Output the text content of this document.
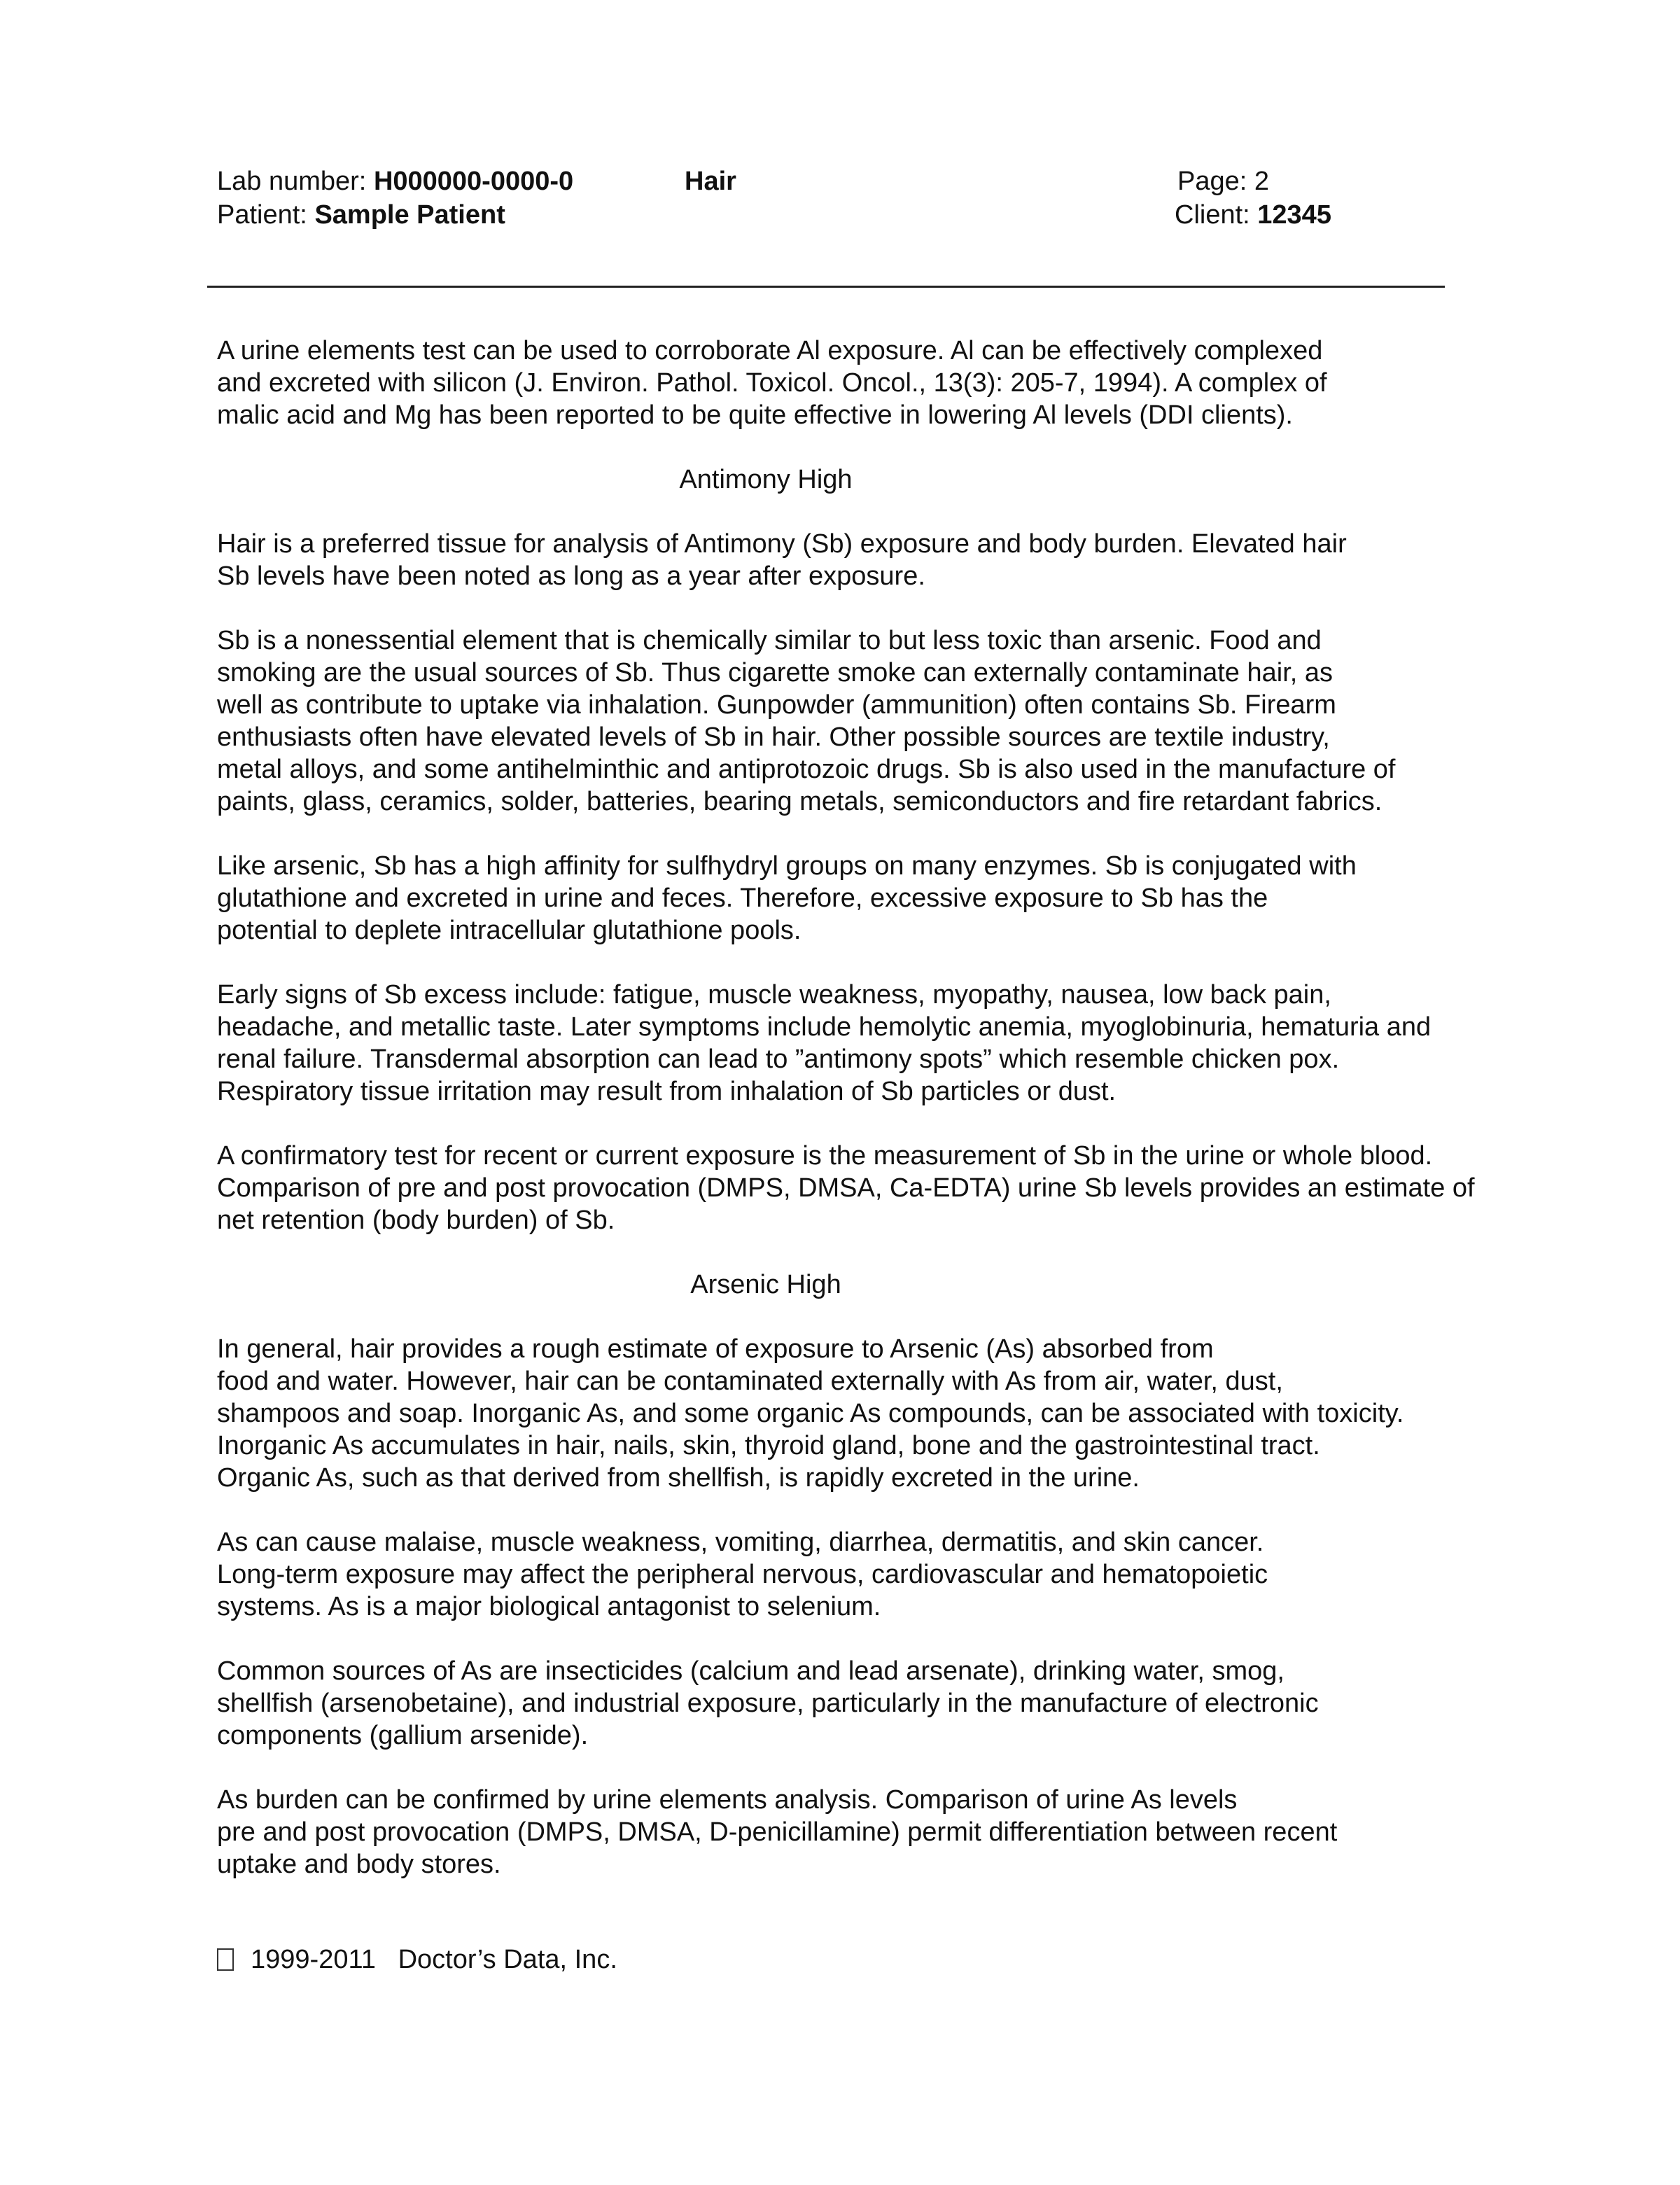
Lab number: H000000-0000-0	Hair	Page: 2
Patient: Sample Patient	Client: 12345

A urine elements test can be used to corroborate Al exposure. Al can be effectively complexed
and excreted with silicon (J. Environ. Pathol. Toxicol. Oncol., 13(3): 205-7, 1994). A complex of
malic acid and Mg has been reported to be quite effective in lowering Al levels (DDI clients).

Antimony High

Hair is a preferred tissue for analysis of Antimony (Sb) exposure and body burden. Elevated hair
Sb levels have been noted as long as a year after exposure.

Sb is a nonessential element that is chemically similar to but less toxic than arsenic. Food and
smoking are the usual sources of Sb. Thus cigarette smoke can externally contaminate hair, as
well as contribute to uptake via inhalation. Gunpowder (ammunition) often contains Sb. Firearm
enthusiasts often have elevated levels of Sb in hair. Other possible sources are textile industry,
metal alloys, and some antihelminthic and antiprotozoic drugs. Sb is also used in the manufacture of
paints, glass, ceramics, solder, batteries, bearing metals, semiconductors and fire retardant fabrics.

Like arsenic, Sb has a high affinity for sulfhydryl groups on many enzymes. Sb is conjugated with
glutathione and excreted in urine and feces. Therefore, excessive exposure to Sb has the
potential to deplete intracellular glutathione pools.

Early signs of Sb excess include: fatigue, muscle weakness, myopathy, nausea, low back pain,
headache, and metallic taste. Later symptoms include hemolytic anemia, myoglobinuria, hematuria and
renal failure. Transdermal absorption can lead to ”antimony spots” which resemble chicken pox.
Respiratory tissue irritation may result from inhalation of Sb particles or dust.

A confirmatory test for recent or current exposure is the measurement of Sb in the urine or whole blood.
Comparison of pre and post provocation (DMPS, DMSA, Ca-EDTA) urine Sb levels provides an estimate of
net retention (body burden) of Sb.

Arsenic High

In general, hair provides a rough estimate of exposure to Arsenic (As) absorbed from
food and water. However, hair can be contaminated externally with As from air, water, dust,
shampoos and soap. Inorganic As, and some organic As compounds, can be associated with toxicity.
Inorganic As accumulates in hair, nails, skin, thyroid gland, bone and the gastrointestinal tract.
Organic As, such as that derived from shellfish, is rapidly excreted in the urine.

As can cause malaise, muscle weakness, vomiting, diarrhea, dermatitis, and skin cancer.
Long-term exposure may affect the peripheral nervous, cardiovascular and hematopoietic
systems. As is a major biological antagonist to selenium.

Common sources of As are insecticides (calcium and lead arsenate), drinking water, smog,
shellfish (arsenobetaine), and industrial exposure, particularly in the manufacture of electronic
components (gallium arsenide).

As burden can be confirmed by urine elements analysis. Comparison of urine As levels
pre and post provocation (DMPS, DMSA, D-penicillamine) permit differentiation between recent
uptake and body stores.

1999-2011 Doctor’s Data, Inc.
